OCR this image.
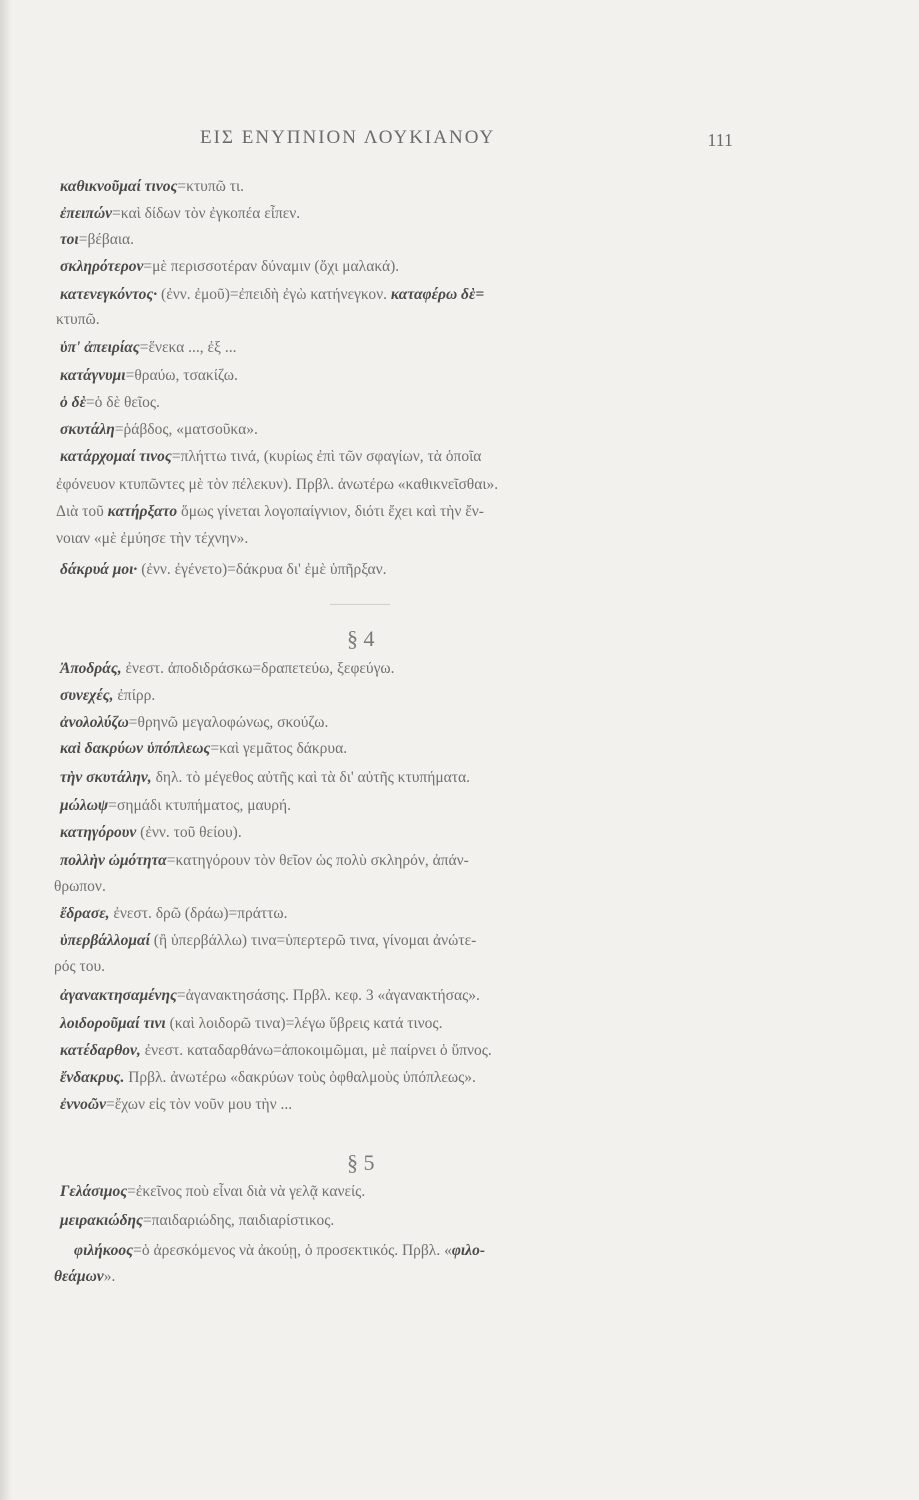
ΕΙΣ ΕΝΥΠΝΙΟΝ ΛΟΥΚΙΑΝΟΥ	111
καθικνοῦμαί τινος=κτυπῶ τι.
ἐπειπών=καὶ δίδων τὸν ἐγκοπέα εἶπεν.
τοι=βέβαια.
σκληρότερον=μὲ περισσοτέραν δύναμιν (ὄχι μαλακά).
κατενεγκόντος· (ἐνν. ἐμοῦ)=ἐπειδὴ ἐγὼ κατήνεγκον. καταφέρω δὲ=
κτυπῶ.
ὑπ' ἀπειρίας=ἕνεκα ..., ἐξ ...
κατάγνυμι=θραύω, τσακίζω.
ὁ δὲ=ὁ δὲ θεῖος.
σκυτάλη=ῥάβδος, «ματσοῦκα».
κατάρχομαί τινος=πλήττω τινά, (κυρίως ἐπὶ τῶν σφαγίων, τὰ ὁποῖα
ἐφόνευον κτυπῶντες μὲ τὸν πέλεκυν). Πρβλ. ἀνωτέρω «καθικνεῖσθαι».
Διὰ τοῦ κατήρξατο ὅμως γίνεται λογοπαίγνιον, διότι ἔχει καὶ τὴν ἔν-
νοιαν «μὲ ἐμύησε τὴν τέχνην».
δάκρυά μοι· (ἐνν. ἐγένετο)=δάκρυα δι' ἐμὲ ὑπῆρξαν.
§ 4
Ἀποδράς, ἐνεστ. ἀποδιδράσκω=δραπετεύω, ξεφεύγω.
συνεχές, ἐπίρρ.
ἀνολολύζω=θρηνῶ μεγαλοφώνως, σκούζω.
καὶ δακρύων ὑπόπλεως=καὶ γεμᾶτος δάκρυα.
τὴν σκυτάλην, δηλ. τὸ μέγεθος αὐτῆς καὶ τὰ δι' αὐτῆς κτυπήματα.
μώλωψ=σημάδι κτυπήματος, μαυρή.
κατηγόρουν (ἐνν. τοῦ θείου).
πολλὴν ὠμότητα=κατηγόρουν τὸν θεῖον ὡς πολὺ σκληρόν, ἀπάν-
θρωπον.
ἔδρασε, ἐνεστ. δρῶ (δράω)=πράττω.
ὑπερβάλλομαί (ἢ ὑπερβάλλω) τινα=ὑπερτερῶ τινα, γίνομαι ἀνώτε-
ρός του.
ἀγανακτησαμένης=ἀγανακτησάσης. Πρβλ. κεφ. 3 «ἀγανακτήσας».
λοιδοροῦμαί τινι (καὶ λοιδορῶ τινα)=λέγω ὕβρεις κατά τινος.
κατέδαρθον, ἐνεστ. καταδαρθάνω=ἀποκοιμῶμαι, μὲ παίρνει ὁ ὕπνος.
ἔνδακρυς. Πρβλ. ἀνωτέρω «δακρύων τοὺς ὀφθαλμοὺς ὑπόπλεως».
ἐννοῶν=ἔχων εἰς τὸν νοῦν μου τὴν ...
§ 5
Γελάσιμος=ἐκεῖνος ποὺ εἶναι διὰ νὰ γελᾷ κανείς.
μειρακιώδης=παιδαριώδης, παιδιαρίστικος.
φιλήκοος=ὁ ἀρεσκόμενος νὰ ἀκούῃ, ὁ προσεκτικός. Πρβλ. «φιλο-
θεάμων».
